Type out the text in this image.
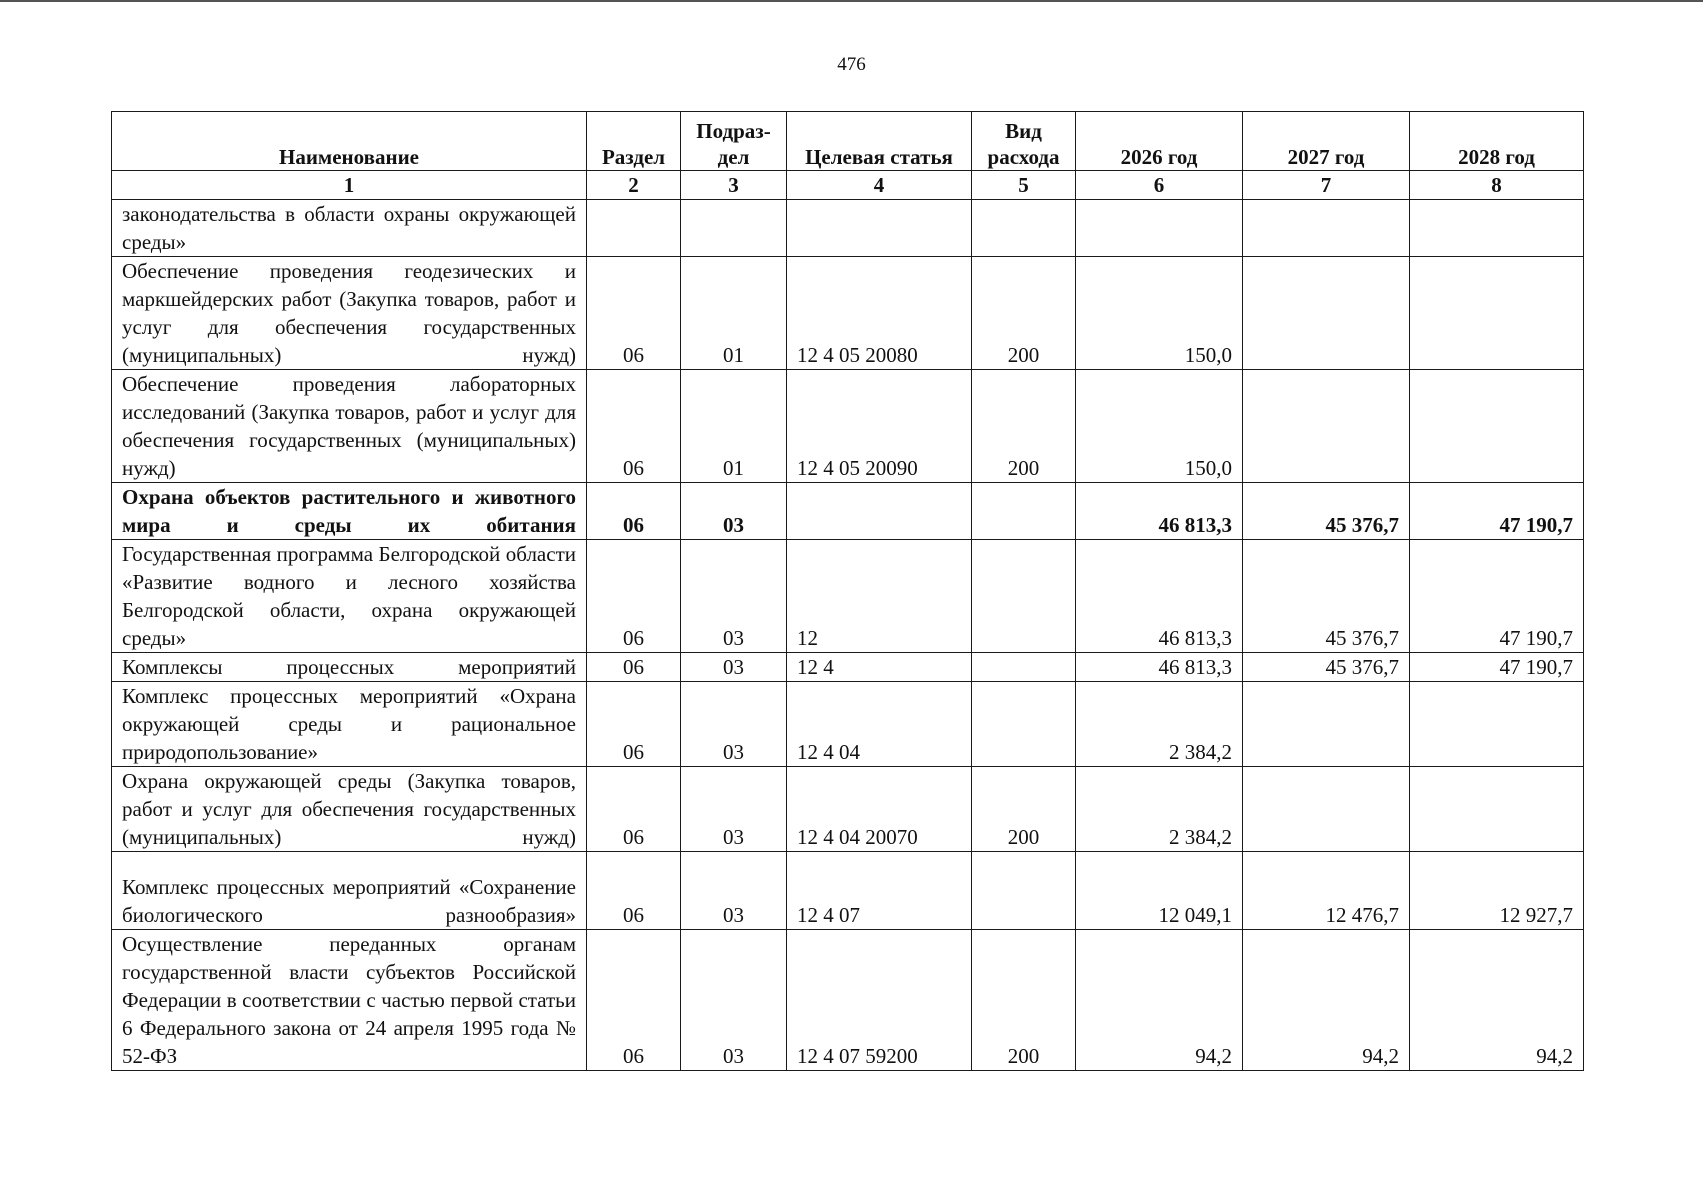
476
Наименование	Раздел	Подраз-дел	Целевая статья	Вид расхода	2026 год	2027 год	2028 год
1	2	3	4	5	6	7	8
законодательства в области охраны окружающей среды»							
Обеспечение проведения геодезических и маркшейдерских работ (Закупка товаров, работ и услуг для обеспечения государственных (муниципальных) нужд)	06	01	12 4 05 20080	200	150,0		
Обеспечение проведения лабораторных исследований (Закупка товаров, работ и услуг для обеспечения государственных (муниципальных) нужд)	06	01	12 4 05 20090	200	150,0		
Охрана объектов растительного и животного мира и среды их обитания	06	03			46 813,3	45 376,7	47 190,7
Государственная программа Белгородской области «Развитие водного и лесного хозяйства Белгородской области, охрана окружающей среды»	06	03	12		46 813,3	45 376,7	47 190,7
Комплексы процессных мероприятий	06	03	12 4		46 813,3	45 376,7	47 190,7
Комплекс процессных мероприятий «Охрана окружающей среды и рациональное природопользование»	06	03	12 4 04		2 384,2		
Охрана окружающей среды (Закупка товаров, работ и услуг для обеспечения государственных (муниципальных) нужд)	06	03	12 4 04 20070	200	2 384,2		
Комплекс процессных мероприятий «Сохранение биологического разнообразия»	06	03	12 4 07		12 049,1	12 476,7	12 927,7
Осуществление переданных органам государственной власти субъектов Российской Федерации в соответствии с частью первой статьи 6 Федерального закона от 24 апреля 1995 года № 52-ФЗ	06	03	12 4 07 59200	200	94,2	94,2	94,2
